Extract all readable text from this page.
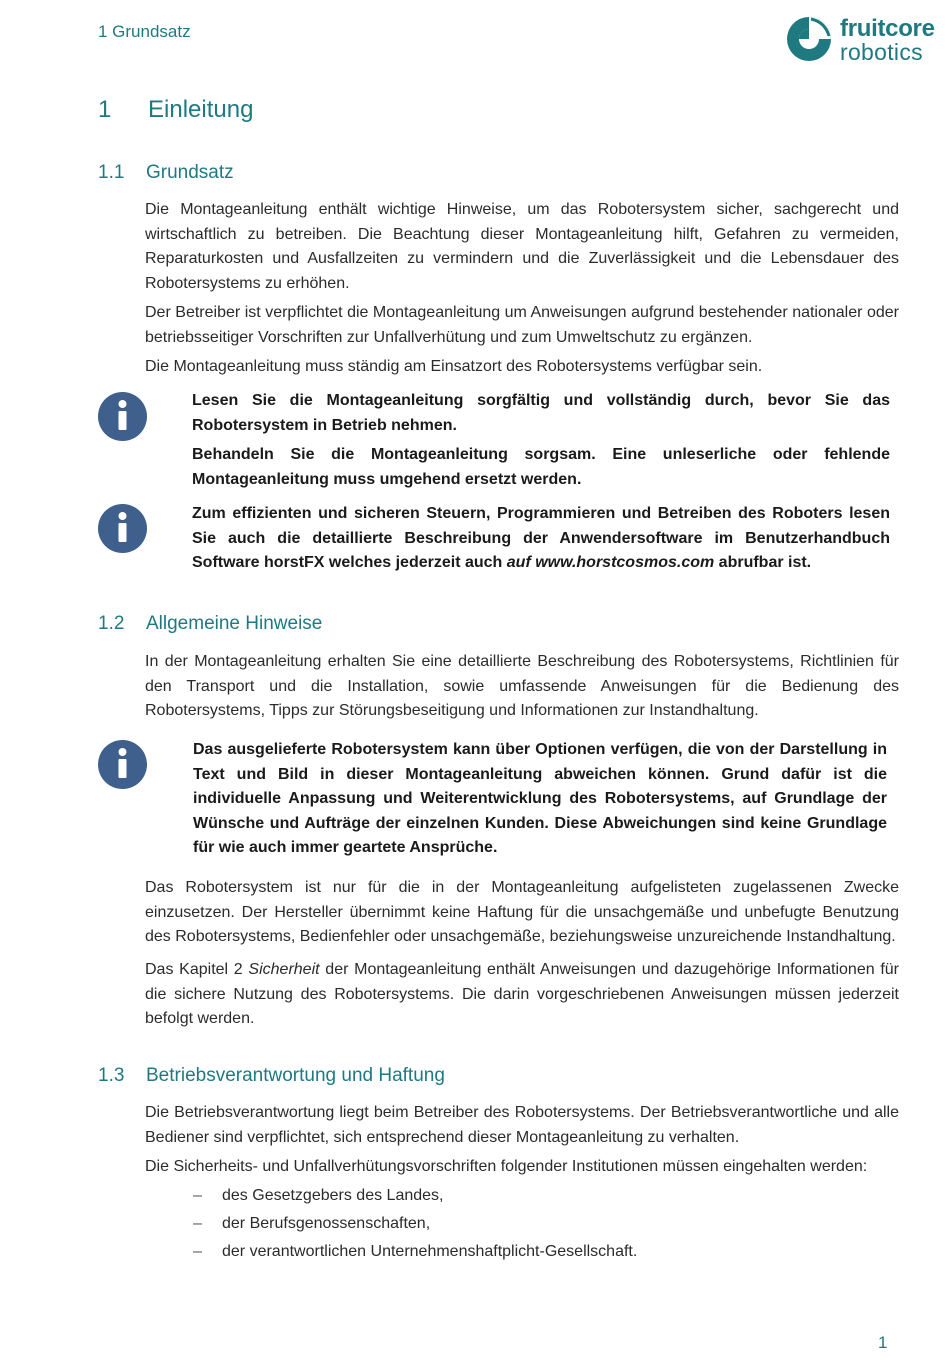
1 Grundsatz	fruitcore
robotics
1 Einleitung
1.1 Grundsatz

Die Montageanleitung enthält wichtige Hinweise, um das Robotersystem sicher, sachgerecht und wirtschaftlich zu betreiben. Die Beachtung dieser Montageanleitung hilft, Gefahren zu vermeiden, Reparaturkosten und Ausfallzeiten zu vermindern und die Zuverlässigkeit und die Lebensdauer des Robotersystems zu erhöhen.

Der Betreiber ist verpflichtet die Montageanleitung um Anweisungen aufgrund bestehender nationaler oder betriebsseitiger Vorschriften zur Unfallverhütung und zum Umweltschutz zu ergänzen.

Die Montageanleitung muss ständig am Einsatzort des Robotersystems verfügbar sein.

Lesen Sie die Montageanleitung sorgfältig und vollständig durch, bevor Sie das Robotersystem in Betrieb nehmen.

Behandeln Sie die Montageanleitung sorgsam. Eine unleserliche oder fehlende Montageanleitung muss umgehend ersetzt werden.

Zum effizienten und sicheren Steuern, Programmieren und Betreiben des Roboters lesen Sie auch die detaillierte Beschreibung der Anwendersoftware im Benutzerhandbuch Software horstFX welches jederzeit auch auf www.horstcosmos.com abrufbar ist.

1.2 Allgemeine Hinweise

In der Montageanleitung erhalten Sie eine detaillierte Beschreibung des Robotersystems, Richtlinien für den Transport und die Installation, sowie umfassende Anweisungen für die Bedienung des Robotersystems, Tipps zur Störungsbeseitigung und Informationen zur Instandhaltung.

Das ausgelieferte Robotersystem kann über Optionen verfügen, die von der Darstellung in Text und Bild in dieser Montageanleitung abweichen können. Grund dafür ist die individuelle Anpassung und Weiterentwicklung des Robotersystems, auf Grundlage der Wünsche und Aufträge der einzelnen Kunden. Diese Abweichungen sind keine Grundlage für wie auch immer geartete Ansprüche.

Das Robotersystem ist nur für die in der Montageanleitung aufgelisteten zugelassenen Zwecke einzusetzen. Der Hersteller übernimmt keine Haftung für die unsachgemäße und unbefugte Benutzung des Robotersystems, Bedienfehler oder unsachgemäße, beziehungsweise unzureichende Instandhaltung.

Das Kapitel 2 Sicherheit der Montageanleitung enthält Anweisungen und dazugehörige Informationen für die sichere Nutzung des Robotersystems. Die darin vorgeschriebenen Anweisungen müssen jederzeit befolgt werden.

1.3 Betriebsverantwortung und Haftung

Die Betriebsverantwortung liegt beim Betreiber des Robotersystems. Der Betriebsverantwortliche und alle Bediener sind verpflichtet, sich entsprechend dieser Montageanleitung zu verhalten.

Die Sicherheits- und Unfallverhütungsvorschriften folgender Institutionen müssen eingehalten werden:

– des Gesetzgebers des Landes,
– der Berufsgenossenschaften,
– der verantwortlichen Unternehmenshaftplicht-Gesellschaft.
1
